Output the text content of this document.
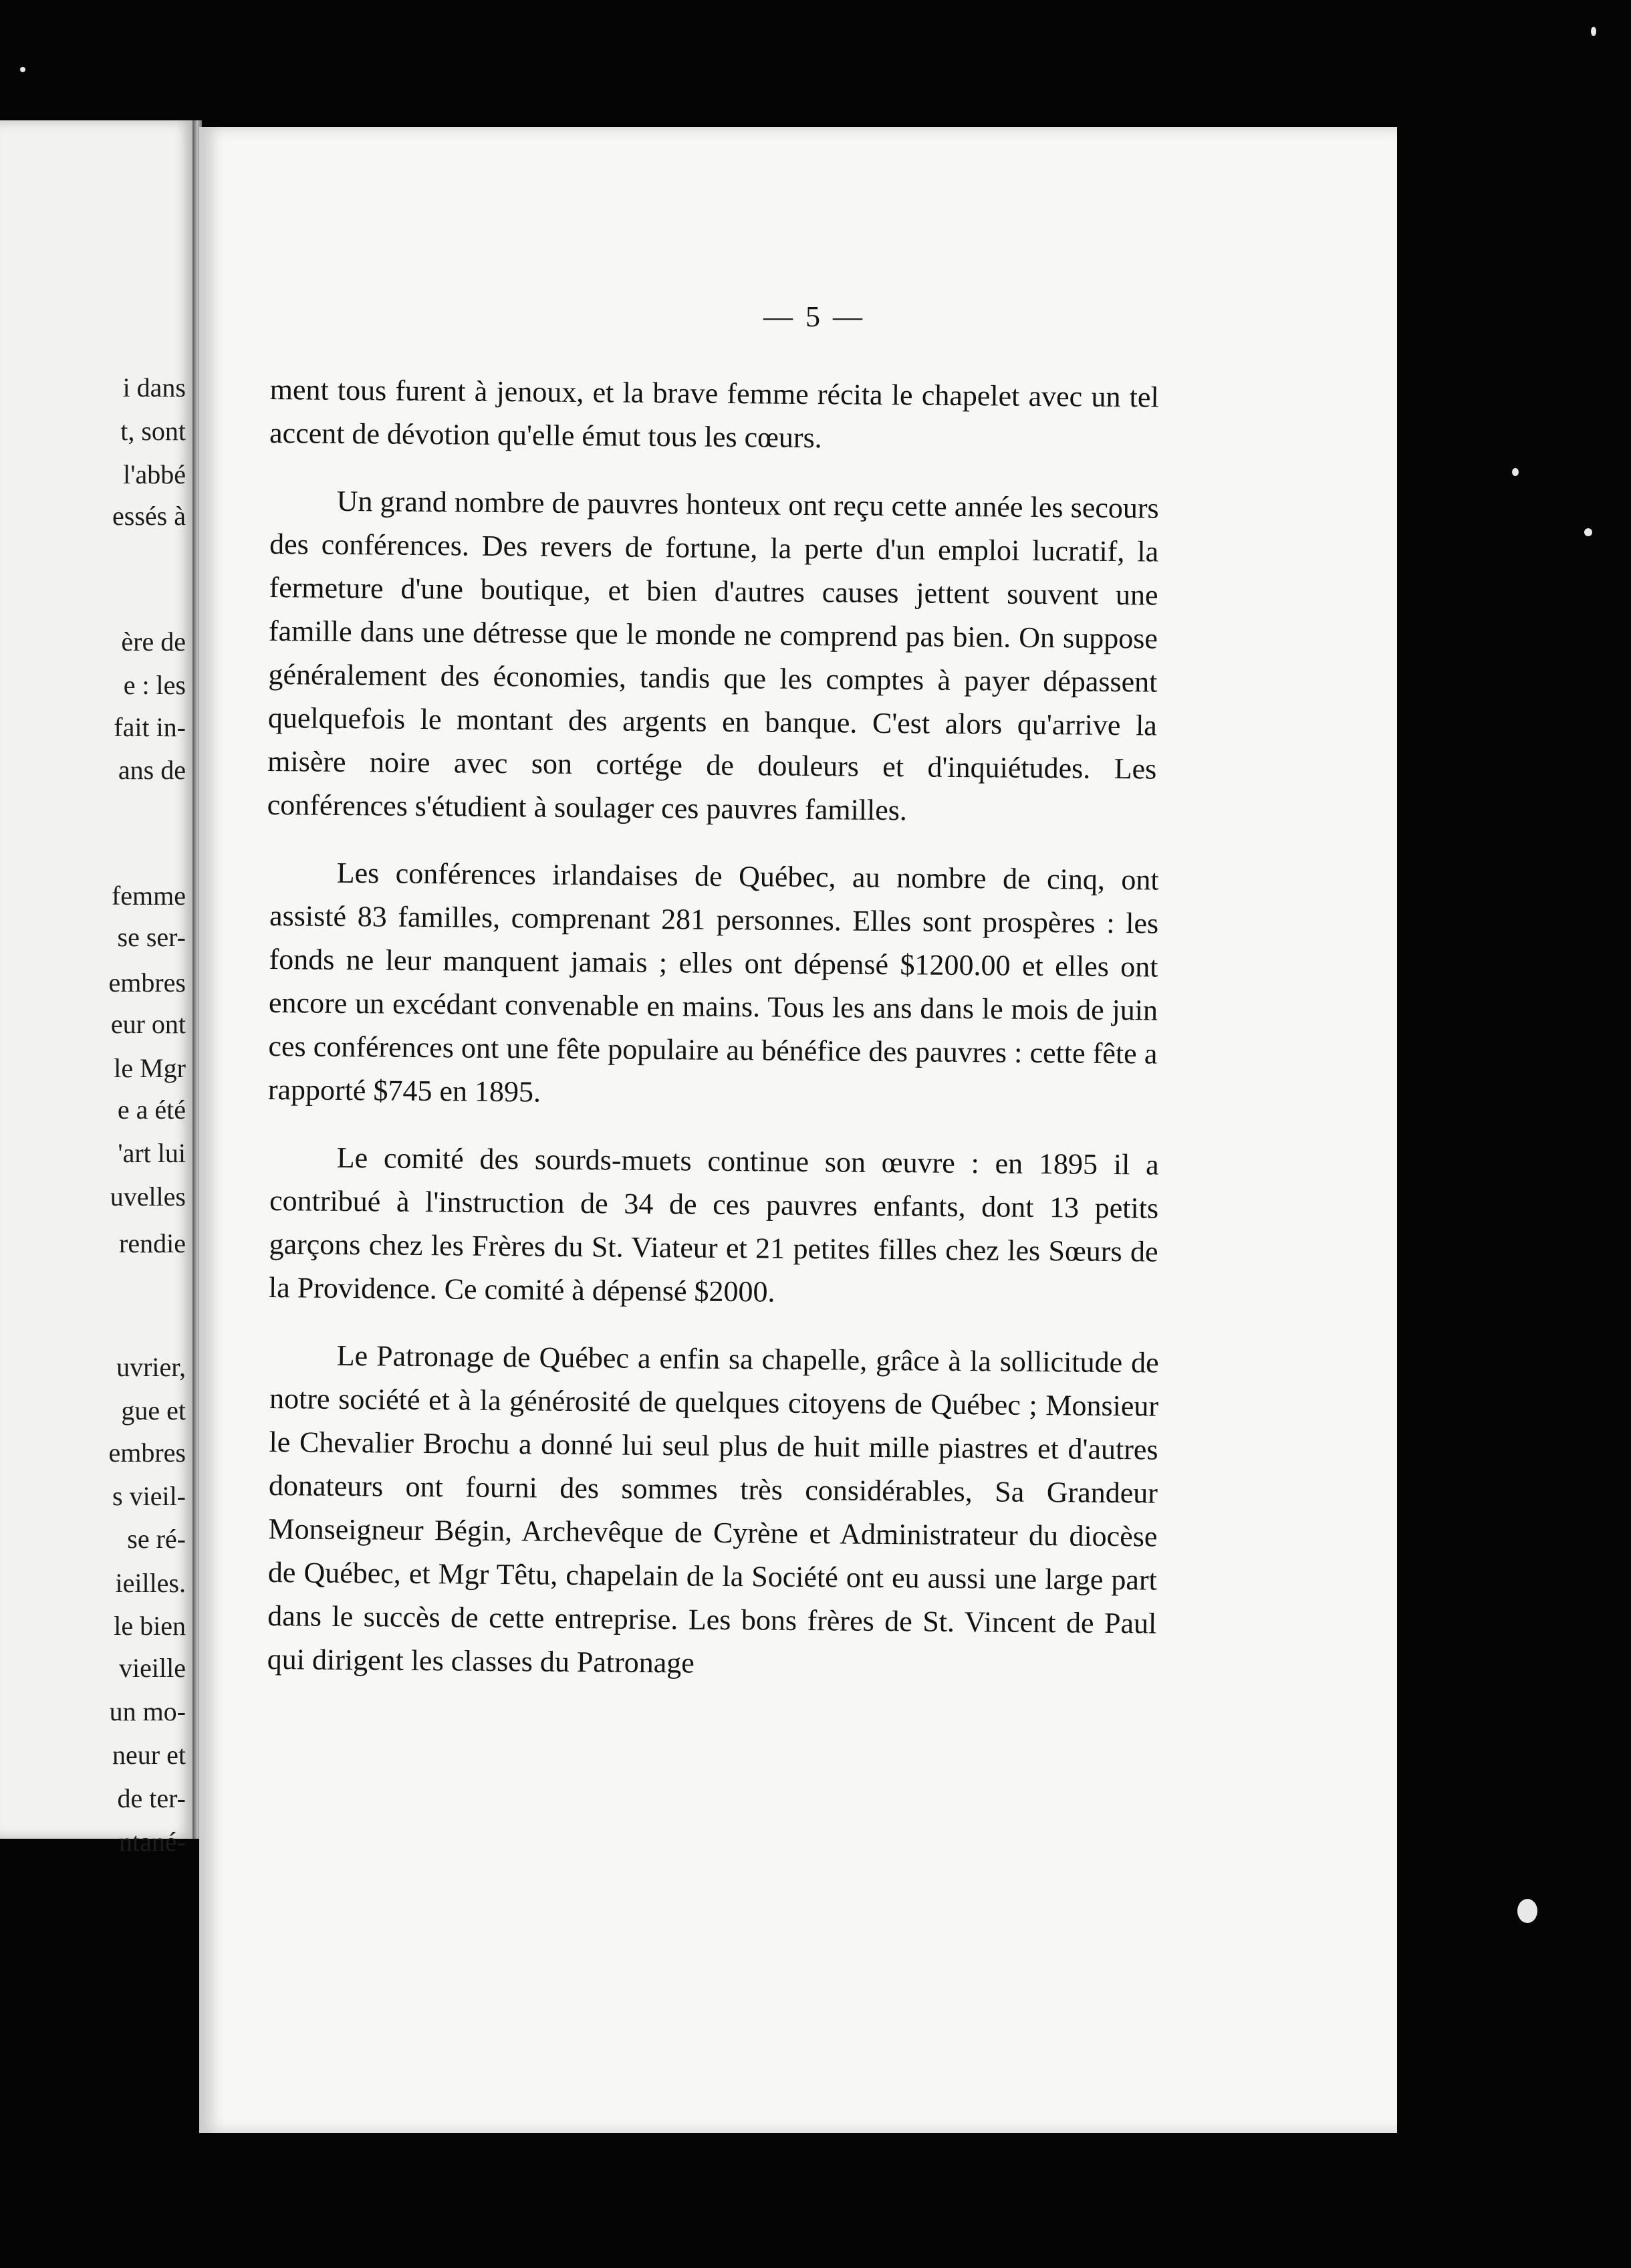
i dans
t, sont
l'abbé
essés à
ère de
e : les
fait in-
ans de
femme
se ser-
embres
eur ont
le Mgr
e a été
'art lui
uvelles
rendie
uvrier,
gue et
embres
s vieil-
se ré-
ieilles.
le bien
vieille
un mo-
neur et
de ter-
ntané-
— 5 —

ment tous furent à jenoux, et la brave femme récita le chapelet avec un tel accent de dévotion qu'elle émut tous les cœurs.

Un grand nombre de pauvres honteux ont reçu cette année les secours des conférences. Des revers de fortune, la perte d'un emploi lucratif, la fermeture d'une boutique, et bien d'autres causes jettent souvent une famille dans une détresse que le monde ne comprend pas bien. On suppose généralement des économies, tandis que les comptes à payer dépassent quelquefois le montant des argents en banque. C'est alors qu'arrive la misère noire avec son cortége de douleurs et d'inquiétudes. Les conférences s'étudient à soulager ces pauvres familles.

Les conférences irlandaises de Québec, au nombre de cinq, ont assisté 83 familles, comprenant 281 personnes. Elles sont prospères : les fonds ne leur manquent jamais ; elles ont dépensé $1200.00 et elles ont encore un excédant convenable en mains. Tous les ans dans le mois de juin ces conférences ont une fête populaire au bénéfice des pauvres : cette fête a rapporté $745 en 1895.

Le comité des sourds-muets continue son œuvre : en 1895 il a contribué à l'instruction de 34 de ces pauvres enfants, dont 13 petits garçons chez les Frères du St. Viateur et 21 petites filles chez les Sœurs de la Providence. Ce comité à dépensé $2000.

Le Patronage de Québec a enfin sa chapelle, grâce à la sollicitude de notre société et à la générosité de quelques citoyens de Québec ; Monsieur le Chevalier Brochu a donné lui seul plus de huit mille piastres et d'autres donateurs ont fourni des sommes très considérables, Sa Grandeur Monseigneur Bégin, Archevêque de Cyrène et Administrateur du diocèse de Québec, et Mgr Têtu, chapelain de la Société ont eu aussi une large part dans le succès de cette entreprise. Les bons frères de St. Vincent de Paul qui dirigent les classes du Patronage
